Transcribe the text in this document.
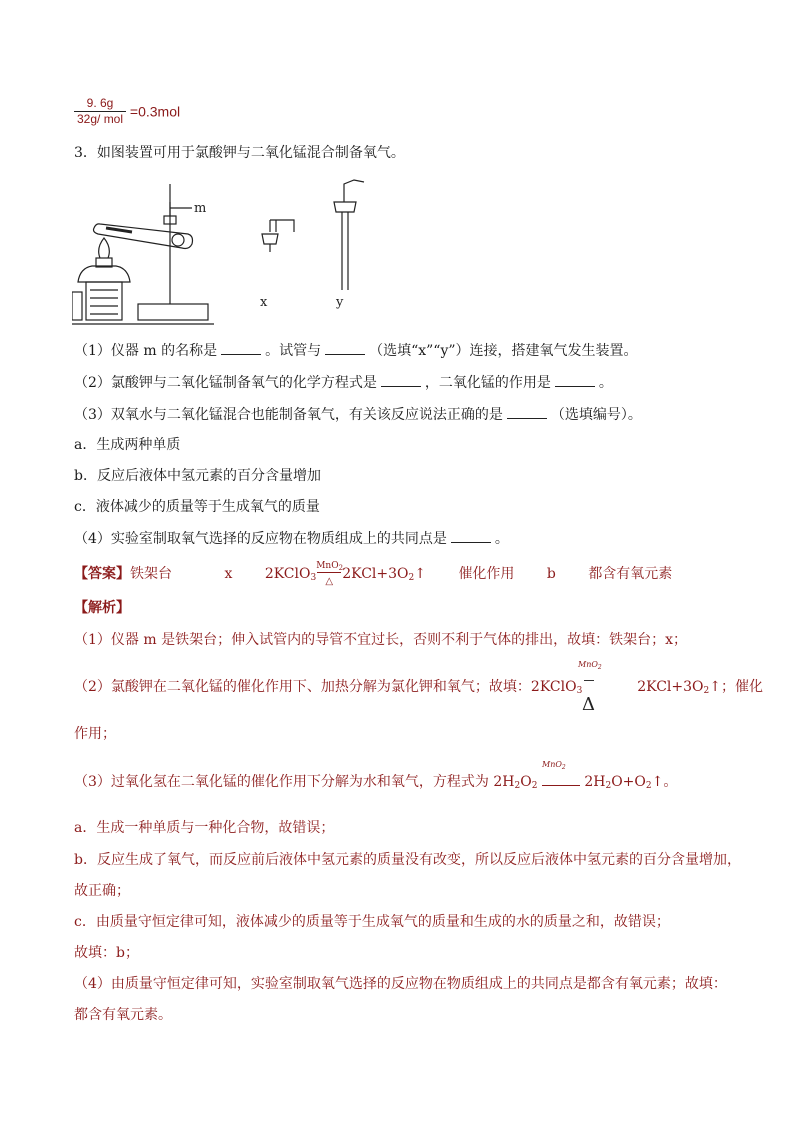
$\frac{9. 6g}{\text{32g/ mol}} =0.3mol$
3．如图装置可用于氯酸钾与二氧化锰混合制备氧气。
m
x	y
（1）仪器 m 的名称是	。试管与	（选填“x”“y”）连接，搭建氧气发生装置。
（2）氯酸钾与二氧化锰制备氧气的化学方程式是	，二氧化锰的作用是	。
（3）双氧水与二氧化锰混合也能制备氧气，有关该反应说法正确的是	（选填编号）。
a．生成两种单质
b．反应后液体中氢元素的百分含量增加
c．液体减少的质量等于生成氧气的质量
（4）实验室制取氧气选择的反应物在物质组成上的共同点是	。
【答案】铁架台	x 2KClO$_3$
MnO$_2$
△ $2KCl+3O_2↑$ 催化作用 b 都含有氧元素
【解析】
（1）仪器 m 是铁架台；伸入试管内的导管不宜过长，否则不利于气体的排出，故填：铁架台；x；
（2）氯酸钾在二氧化锰的催化作用下、加热分解为氯化钾和氧气；故填：2KClO$_3$	$2KCl+3O_2↑$；催化
MnO$_2$
Δ
作用；
（3）过氧化氢在二氧化锰的催化作用下分解为水和氧气，方程式为 $2H_2O_2$	$2H_2O+O_2↑$。
MnO$_2$
a．生成一种单质与一种化合物，故错误；
b．反应生成了氧气，而反应前后液体中氢元素的质量没有改变，所以反应后液体中氢元素的百分含量增加，
故正确；
c．由质量守恒定律可知，液体减少的质量等于生成氧气的质量和生成的水的质量之和，故错误；
故填：b；
（4）由质量守恒定律可知，实验室制取氧气选择的反应物在物质组成上的共同点是都含有氧元素；故填：
都含有氧元素。
